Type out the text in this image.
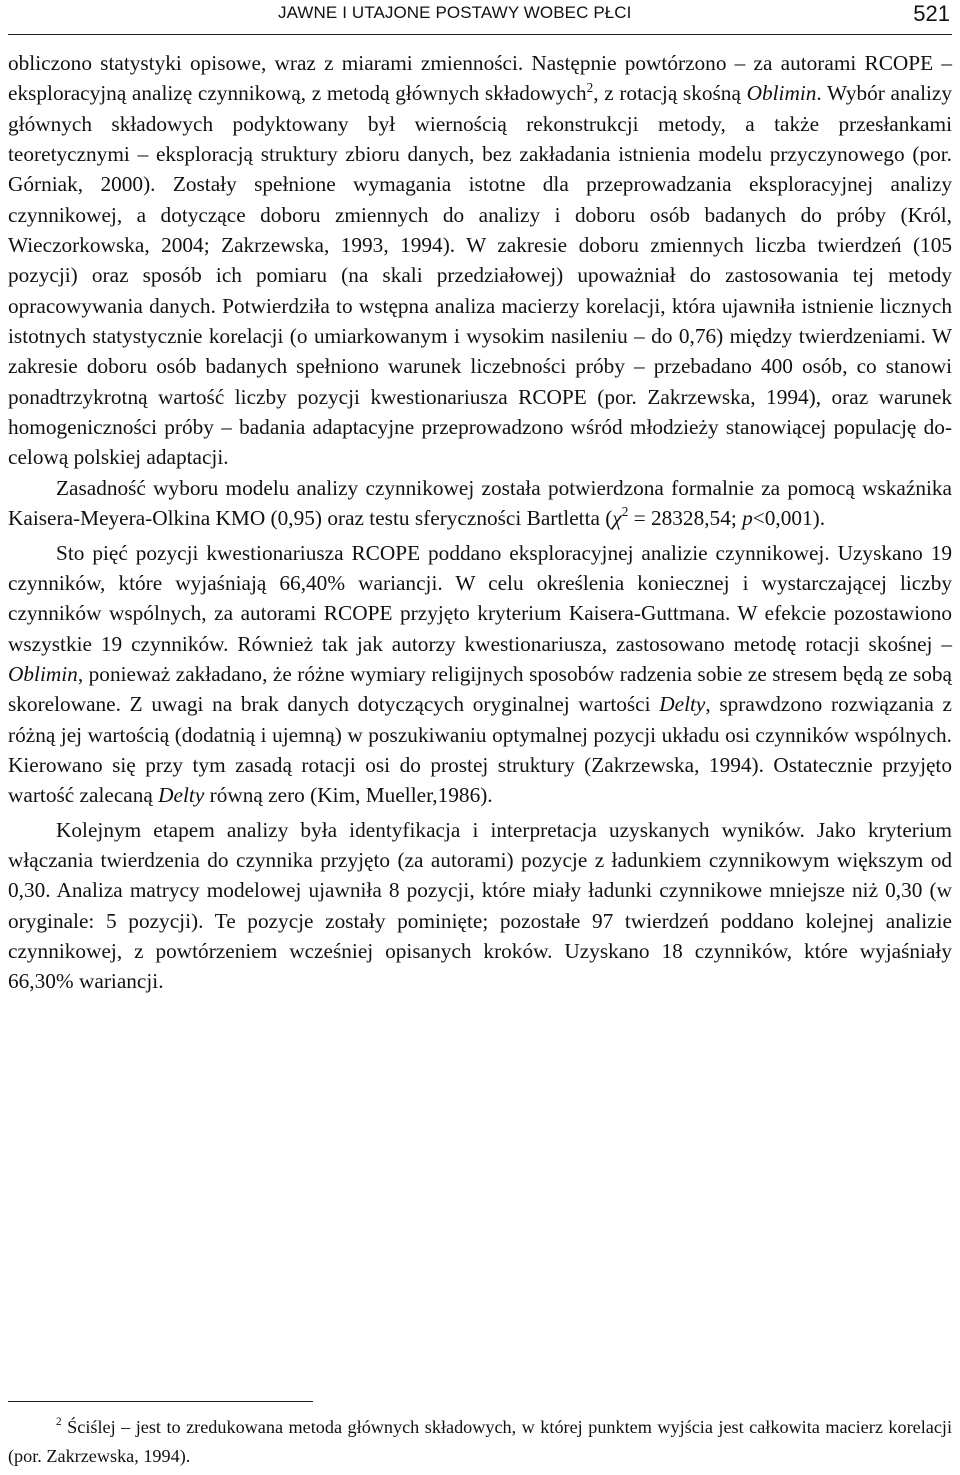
JAWNE I UTAJONE POSTAWY WOBEC PŁCI	521

obliczono statystyki opisowe, wraz z miarami zmienności. Następnie powtórzono – za autorami RCOPE – eksploracyjną analizę czynnikową, z metodą głównych składowych$^2$, z rotacją skośną Oblimin. Wybór analizy głównych składowych podyktowany był wiernością rekonstrukcji metody, a także przesłankami teoretycznymi – eksploracją struktury zbioru danych, bez zakładania istnienia modelu przyczynowego (por. Górniak, 2000). Zostały spełnione wymagania istotne dla przeprowadzania eksploracyjnej analizy czynnikowej, a dotyczące doboru zmiennych do analizy i doboru osób badanych do próby (Król, Wieczorkowska, 2004; Zakrzewska, 1993, 1994). W zakresie doboru zmiennych liczba twierdzeń (105 pozycji) oraz sposób ich pomiaru (na skali przedziałowej) upoważniał do zastosowania tej metody opracowywania danych. Potwierdziła to wstępna analiza macierzy korelacji, która ujawniła istnienie licznych istotnych statystycznie korelacji (o umiarkowanym i wysokim nasileniu – do 0,76) między twierdzeniami. W zakresie doboru osób badanych spełniono warunek liczebności próby – przebadano 400 osób, co stanowi ponadtrzykrotną wartość liczby pozycji kwestionariusza RCOPE (por. Zakrzewska, 1994), oraz warunek homogeniczności próby – badania adaptacyjne przeprowadzono wśród młodzieży stanowiącej populację docelową polskiej adaptacji.

Zasadność wyboru modelu analizy czynnikowej została potwierdzona formalnie za pomocą wskaźnika Kaisera-Meyera-Olkina KMO (0,95) oraz testu sferyczności Bartletta ($\chi^2 = 28328,54$; p<0,001).

Sto pięć pozycji kwestionariusza RCOPE poddano eksploracyjnej analizie czynnikowej. Uzyskano 19 czynników, które wyjaśniają 66,40% wariancji. W celu określenia koniecznej i wystarczającej liczby czynników wspólnych, za autorami RCOPE przyjęto kryterium Kaisera-Guttmana. W efekcie pozostawiono wszystkie 19 czynników. Również tak jak autorzy kwestionariusza, zastosowano metodę rotacji skośnej – Oblimin, ponieważ zakładano, że różne wymiary religijnych sposobów radzenia sobie ze stresem będą ze sobą skorelowane. Z uwagi na brak danych dotyczących oryginalnej wartości Delty, sprawdzono rozwiązania z różną jej wartością (dodatnią i ujemną) w poszukiwaniu optymalnej pozycji układu osi czynników wspólnych. Kierowano się przy tym zasadą rotacji osi do prostej struktury (Zakrzewska, 1994). Ostatecznie przyjęto wartość zalecaną Delty równą zero (Kim, Mueller,1986).

Kolejnym etapem analizy była identyfikacja i interpretacja uzyskanych wyników. Jako kryterium włączania twierdzenia do czynnika przyjęto (za autorami) pozycje z ładunkiem czynnikowym większym od 0,30. Analiza matrycy modelowej ujawniła 8 pozycji, które miały ładunki czynnikowe mniejsze niż 0,30 (w oryginale: 5 pozycji). Te pozycje zostały pominięte; pozostałe 97 twierdzeń poddano kolejnej analizie czynnikowej, z powtórzeniem wcześniej opisanych kroków. Uzyskano 18 czynników, które wyjaśniały 66,30% wariancji.

$^2$ Ściślej – jest to zredukowana metoda głównych składowych, w której punktem wyjścia jest całkowita macierz korelacji (por. Zakrzewska, 1994).
